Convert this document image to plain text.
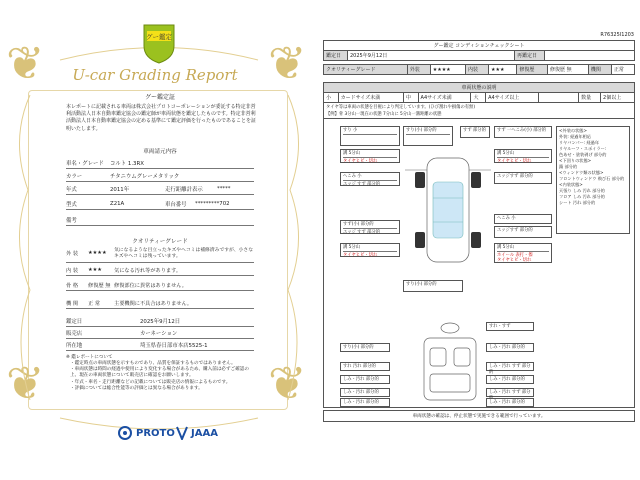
❦	❦
❦	❦
グー鑑定
U-car Grading Report
グー鑑定証
本レポートに記載される車両は株式会社プロトコーポレーションが委託する特定非営利活動法人日本自動車鑑定協会の鑑定師が車両状態を鑑定したものです。特定非営利活動法人日本自動車鑑定協会の定める基準にて鑑定評価を行ったものであることを証明いたします。
車両請元内容
車名・グレード	コルト 1.3RX
カラー	チタニウムグレーメタリック
年式	2011年	走行距離計表示	*****
型式	Z21A	車台番号	*********702
備考
クオリティーグレード
外 装 ★★★★ 気になるような目立ったキズやヘコミは補修済みですが、小さなキズやヘコミは残っています。
内 装 ★★★ 気になる汚れ等があります。
骨 格 修復歴 無 修復部位に異常はありません。
機 関 正 常	主要機関に不具合はありません。
鑑定日	2025年9月12日
販売店	カーネーション
所在地	埼玉県春日部市本店5525-1
※ 鑑レポートについて
・鑑定時点の車両状態を示すものであり、品質を保証するものではありません。
・車両状態は時間の経過や使用により変化する場合があるため、購入前は必ずご確認の上、現在の車両状態について販売店に確認をお願いします。
・年式・車名・走行距離などの記載については販売店の情報によるものです。
・評価については総合性能等の評価とは異なる場合があります。
PROTO JAAA
R76325I1203
グー鑑定 コンディションチェックシート
鑑定日	2025年9月12日	再鑑定日	
クオリティーグレード	外装	★★★★	内装	★★★	修復歴	修復歴 無	機関	正常
車両状態の説明
小	カードサイズ未満	中	A4サイズ未満	大	A4サイズ以上		数量	2個以上
タイヤ等は車両の状態を目視により判定しています。(ひび割れや損傷の有無)
【例】骨 3分山一現在の状態 7分山に 5分山一溝距離の状態
すり 小
溝 5分山
タイヤヒビ・切れ
へこみ 小
エッジ すず 部分的
すず(小) 部分的
エッジ すず 部分的
溝 5分山
タイヤヒビ・切れ
すり(小) 部分的
溝 5分山
タイヤヒビ・切れ
エッジすず 部分的
エッジすず 部分的
溝 5分山
ホイール 表打・擦
タイヤヒビ・切れ
すず 部分的	すず 一へこみ(小) 部分的
へこみ 小
すり(小) 部分的
<外装の状態>
外装: 経過年相応
リヤバンパー: 経過年
リヤルーフ・スポイラー:
色あせ・塗装剥げ 部分的
<下回りの状態>
錆 部分的
<ウィンドウ類の状態>
フロントウィンドウ 飛び石 部分的
<内装状態>
天張り しみ 汚れ 部分的
フロア しみ 汚れ 部分的
シート 汚れ 部分的
すり(小) 部分的
すれ 汚れ 部分的
しみ・汚れ 部分的
しみ・汚れ 部分的
しみ・汚れ 部分的
すれ・すず
しみ・汚れ 部分的
しみ・汚れ すず 部分的
しみ・汚れ 部分的
しみ・汚れ すず 部分
しみ・汚れ 部分的
車両状態の確認は、停止状態で実施できる範囲で行っています。
